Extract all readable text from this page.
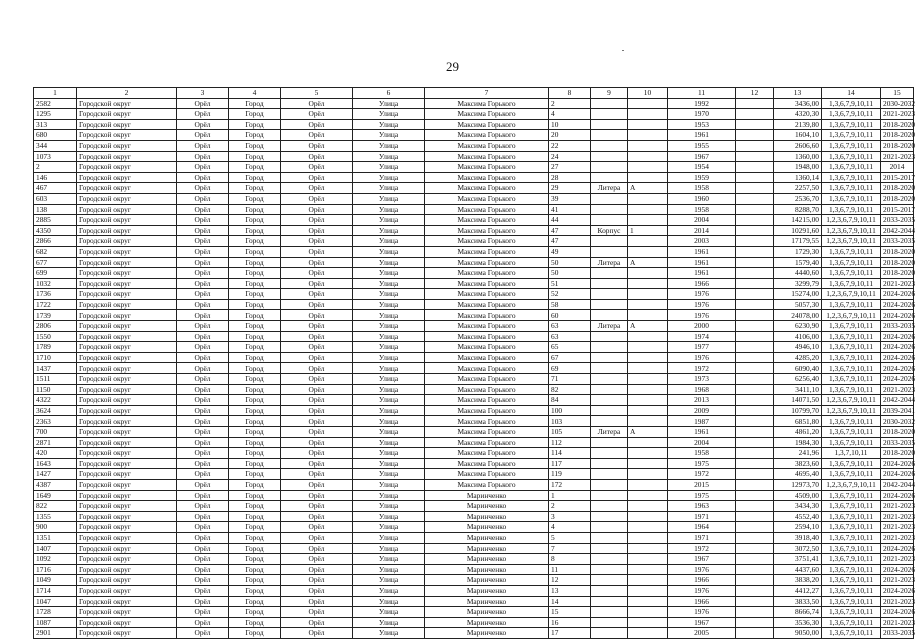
29
1	2	3	4	5	6	7	8	9	10	11	12	13	14	15
2582	Городской округ	Орёл	Город	Орёл	Улица	Максима Горького	2			1992		3436,00	1,3,6,7,9,10,11	2030-2032
1295	Городской округ	Орёл	Город	Орёл	Улица	Максима Горького	4			1970		4320,30	1,3,6,7,9,10,11	2021-2023
313	Городской округ	Орёл	Город	Орёл	Улица	Максима Горького	10			1953		2139,80	1,3,6,7,9,10,11	2018-2020
680	Городской округ	Орёл	Город	Орёл	Улица	Максима Горького	20			1961		1604,10	1,3,6,7,9,10,11	2018-2020
344	Городской округ	Орёл	Город	Орёл	Улица	Максима Горького	22			1955		2606,60	1,3,6,7,9,10,11	2018-2020
1073	Городской округ	Орёл	Город	Орёл	Улица	Максима Горького	24			1967		1360,00	1,3,6,7,9,10,11	2021-2023
2	Городской округ	Орёл	Город	Орёл	Улица	Максима Горького	27			1954		1948,00	1,3,6,7,9,10,11	2014
146	Городской округ	Орёл	Город	Орёл	Улица	Максима Горького	28			1959		1360,14	1,3,6,7,9,10,11	2015-2017
467	Городской округ	Орёл	Город	Орёл	Улица	Максима Горького	29	Литера	А	1958		2257,50	1,3,6,7,9,10,11	2018-2020
603	Городской округ	Орёл	Город	Орёл	Улица	Максима Горького	39			1960		2536,70	1,3,6,7,9,10,11	2018-2020
138	Городской округ	Орёл	Город	Орёл	Улица	Максима Горького	41			1958		8288,70	1,3,6,7,9,10,11	2015-2017
2885	Городской округ	Орёл	Город	Орёл	Улица	Максима Горького	44			2004		14215,00	1,2,3,6,7,9,10,11	2033-2035
4350	Городской округ	Орёл	Город	Орёл	Улица	Максима Горького	47	Корпус	1	2014		10291,60	1,2,3,6,7,9,10,11	2042-2044
2866	Городской округ	Орёл	Город	Орёл	Улица	Максима Горького	47			2003		17179,55	1,2,3,6,7,9,10,11	2033-2035
682	Городской округ	Орёл	Город	Орёл	Улица	Максима Горького	49			1961		1729,30	1,3,6,7,9,10,11	2018-2020
677	Городской округ	Орёл	Город	Орёл	Улица	Максима Горького	50	Литера	А	1961		1579,40	1,3,6,7,9,10,11	2018-2020
699	Городской округ	Орёл	Город	Орёл	Улица	Максима Горького	50			1961		4440,60	1,3,6,7,9,10,11	2018-2020
1032	Городской округ	Орёл	Город	Орёл	Улица	Максима Горького	51			1966		3299,79	1,3,6,7,9,10,11	2021-2023
1736	Городской округ	Орёл	Город	Орёл	Улица	Максима Горького	52			1976		15274,00	1,2,3,6,7,9,10,11	2024-2026
1722	Городской округ	Орёл	Город	Орёл	Улица	Максима Горького	58			1976		5057,30	1,3,6,7,9,10,11	2024-2026
1739	Городской округ	Орёл	Город	Орёл	Улица	Максима Горького	60			1976		24078,00	1,2,3,6,7,9,10,11	2024-2026
2806	Городской округ	Орёл	Город	Орёл	Улица	Максима Горького	63	Литера	А	2000		6230,90	1,3,6,7,9,10,11	2033-2035
1550	Городской округ	Орёл	Город	Орёл	Улица	Максима Горького	63			1974		4106,00	1,3,6,7,9,10,11	2024-2026
1789	Городской округ	Орёл	Город	Орёл	Улица	Максима Горького	65			1977		4946,10	1,3,6,7,9,10,11	2024-2026
1710	Городской округ	Орёл	Город	Орёл	Улица	Максима Горького	67			1976		4285,20	1,3,6,7,9,10,11	2024-2026
1437	Городской округ	Орёл	Город	Орёл	Улица	Максима Горького	69			1972		6090,40	1,3,6,7,9,10,11	2024-2026
1511	Городской округ	Орёл	Город	Орёл	Улица	Максима Горького	71			1973		6256,40	1,3,6,7,9,10,11	2024-2026
1150	Городской округ	Орёл	Город	Орёл	Улица	Максима Горького	82			1968		3411,10	1,3,6,7,9,10,11	2021-2023
4322	Городской округ	Орёл	Город	Орёл	Улица	Максима Горького	84			2013		14071,50	1,2,3,6,7,9,10,11	2042-2044
3624	Городской округ	Орёл	Город	Орёл	Улица	Максима Горького	100			2009		10799,70	1,2,3,6,7,9,10,11	2039-2041
2363	Городской округ	Орёл	Город	Орёл	Улица	Максима Горького	103			1987		6851,80	1,3,6,7,9,10,11	2030-2032
700	Городской округ	Орёл	Город	Орёл	Улица	Максима Горького	105	Литера	А	1961		4861,20	1,3,6,7,9,10,11	2018-2020
2871	Городской округ	Орёл	Город	Орёл	Улица	Максима Горького	112			2004		1984,30	1,3,6,7,9,10,11	2033-2035
420	Городской округ	Орёл	Город	Орёл	Улица	Максима Горького	114			1958		241,96	1,3,7,10,11	2018-2020
1643	Городской округ	Орёл	Город	Орёл	Улица	Максима Горького	117			1975		3823,60	1,3,6,7,9,10,11	2024-2026
1427	Городской округ	Орёл	Город	Орёл	Улица	Максима Горького	119			1972		4695,40	1,3,6,7,9,10,11	2024-2026
4387	Городской округ	Орёл	Город	Орёл	Улица	Максима Горького	172			2015		12973,70	1,2,3,6,7,9,10,11	2042-2044
1649	Городской округ	Орёл	Город	Орёл	Улица	Маринченко	1			1975		4509,00	1,3,6,7,9,10,11	2024-2026
822	Городской округ	Орёл	Город	Орёл	Улица	Маринченко	2			1963		3434,30	1,3,6,7,9,10,11	2021-2023
1355	Городской округ	Орёл	Город	Орёл	Улица	Маринченко	3			1971		4552,40	1,3,6,7,9,10,11	2021-2023
900	Городской округ	Орёл	Город	Орёл	Улица	Маринченко	4			1964		2594,10	1,3,6,7,9,10,11	2021-2023
1351	Городской округ	Орёл	Город	Орёл	Улица	Маринченко	5			1971		3918,40	1,3,6,7,9,10,11	2021-2023
1407	Городской округ	Орёл	Город	Орёл	Улица	Маринченко	7			1972		3072,50	1,3,6,7,9,10,11	2024-2026
1092	Городской округ	Орёл	Город	Орёл	Улица	Маринченко	8			1967		3751,41	1,3,6,7,9,10,11	2021-2023
1716	Городской округ	Орёл	Город	Орёл	Улица	Маринченко	11			1976		4437,60	1,3,6,7,9,10,11	2024-2026
1049	Городской округ	Орёл	Город	Орёл	Улица	Маринченко	12			1966		3838,20	1,3,6,7,9,10,11	2021-2023
1714	Городской округ	Орёл	Город	Орёл	Улица	Маринченко	13			1976		4412,27	1,3,6,7,9,10,11	2024-2026
1047	Городской округ	Орёл	Город	Орёл	Улица	Маринченко	14			1966		3833,50	1,3,6,7,9,10,11	2021-2023
1728	Городской округ	Орёл	Город	Орёл	Улица	Маринченко	15			1976		8666,74	1,3,6,7,9,10,11	2024-2026
1087	Городской округ	Орёл	Город	Орёл	Улица	Маринченко	16			1967		3536,30	1,3,6,7,9,10,11	2021-2023
2901	Городской округ	Орёл	Город	Орёл	Улица	Маринченко	17			2005		9050,00	1,3,6,7,9,10,11	2033-2035
